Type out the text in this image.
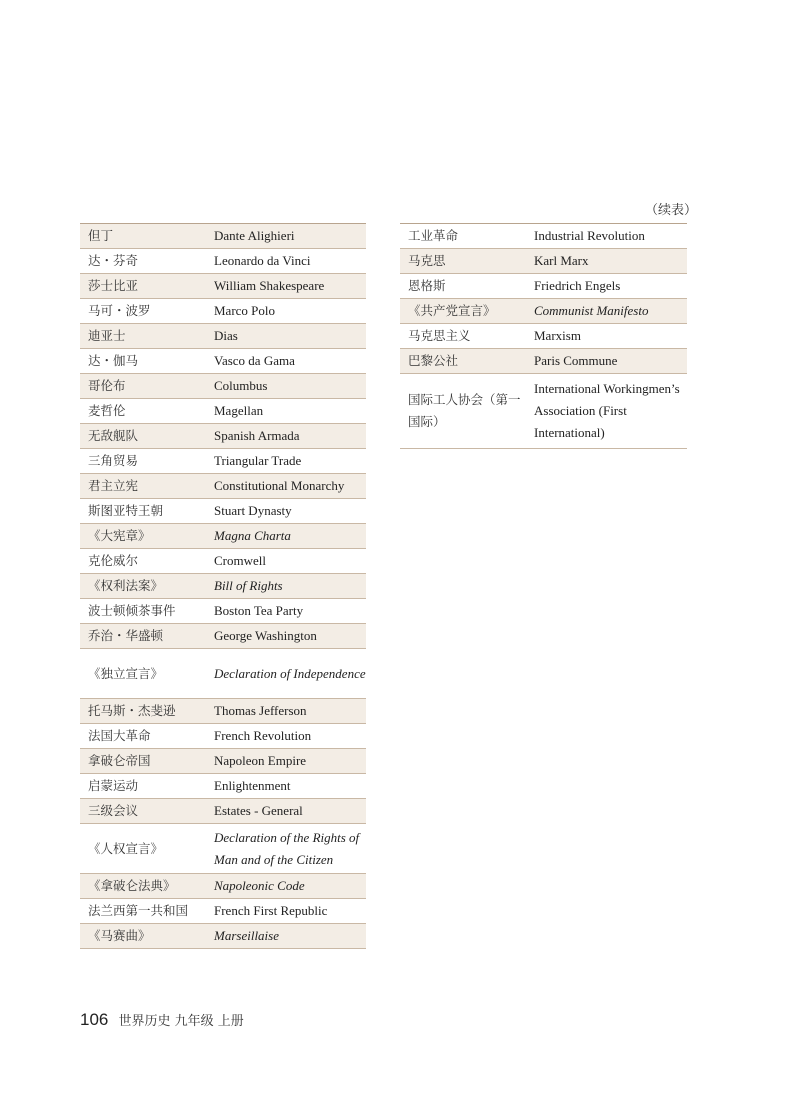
（续表）
但丁	Dante Alighieri
达・芬奇	Leonardo da Vinci
莎士比亚	William Shakespeare
马可・波罗	Marco Polo
迪亚士	Dias
达・伽马	Vasco da Gama
哥伦布	Columbus
麦哲伦	Magellan
无敌舰队	Spanish Armada
三角贸易	Triangular Trade
君主立宪	Constitutional Monarchy
斯图亚特王朝	Stuart Dynasty
《大宪章》	Magna Charta
克伦威尔	Cromwell
《权利法案》	Bill of Rights
波士顿倾茶事件	Boston Tea Party
乔治・华盛顿	George Washington
《独立宣言》	Declaration of Independence
托马斯・杰斐逊	Thomas Jefferson
法国大革命	French Revolution
拿破仑帝国	Napoleon Empire
启蒙运动	Enlightenment
三级会议	Estates - General
《人权宣言》	Declaration of the Rights of Man and of the Citizen
《拿破仑法典》	Napoleonic Code
法兰西第一共和国	French First Republic
《马赛曲》	Marseillaise
工业革命	Industrial Revolution
马克思	Karl Marx
恩格斯	Friedrich Engels
《共产党宣言》	Communist Manifesto
马克思主义	Marxism
巴黎公社	Paris Commune
国际工人协会（第一国际）	International Workingmen’s Association (First International)
106 世界历史 九年级 上册
